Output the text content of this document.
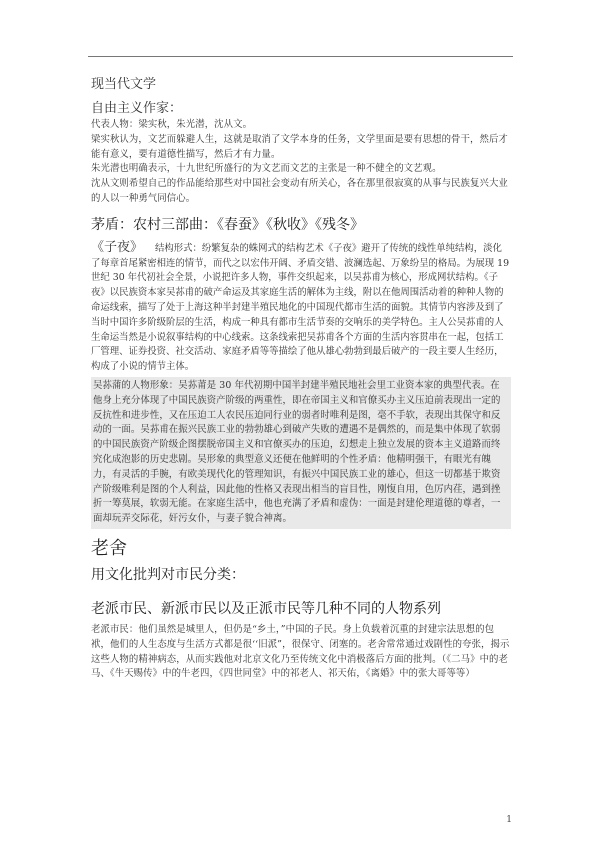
现当代文学
自由主义作家：

代表人物：梁实秋，朱光潜，沈从文。

梁实秋认为，文艺而躲避人生，这就是取消了文学本身的任务，文学里面是要有思想的骨干，然后才能有意义，要有道德性描写，然后才有力量。

朱光潜也明确表示，十九世纪所盛行的为文艺而文艺的主张是一种不健全的文艺观。

沈从文则希望自己的作品能给那些对中国社会变动有所关心，各在那里很寂寞的从事与民族复兴大业的人以一种勇气同信心。

茅盾：农村三部曲：《春蚕》《秋收》《残冬》

《子夜》 结构形式：纷繁复杂的蛛网式的结构艺术《子夜》避开了传统的线性单纯结构，淡化了每章首尾紧密相连的情节，而代之以宏伟开阔、矛盾交错、波澜选起、万象纷呈的格局。为展现 19 世纪 30 年代初社会全景，小说把许多人物，事件交织起来，以吴荪甫为核心，形成网状结构。《子夜》以民族资本家吴荪甫的破产命运及其家庭生活的解体为主线，附以在他周围活动着的种种人物的命运线索，描写了处于上海这种半封建半殖民地化的中国现代都市生活的面貌。其情节内容涉及到了当时中国许多阶级阶层的生活，构成一种具有都市生活节奏的交响乐的美学特色。主人公吴荪甫的人生命运当然是小说叙事结构的中心线索。这条线索把吴荪甫各个方面的生活内容贯串在一起，包括工厂管理、证券投资、社交活动、家庭矛盾等等描绘了他从雄心勃勃到最后破产的一段主要人生经历，构成了小说的情节主体。

吴荪蒲的人物形象：吴荪莆是 30 年代初期中国半封建半殖民地社会里工业资本家的典型代表。在他身上充分体现了中国民族资产阶级的两重性，即在帝国主义和官僚买办主义压迫前表现出一定的反抗性和进步性，又在压迫工人农民压迫同行业的弱者时唯利是图，毫不手软，表现出其保守和反动的一面。吴荪甫在振兴民族工业的勃勃雄心到破产失败的遭遇不是偶然的，而是集中体现了软弱的中国民族资产阶级企图摆脱帝国主义和官僚买办的压迫，幻想走上独立发展的资本主义道路而终究化成泡影的历史悲剧。吴形象的典型意义还便在他鲜明的个性矛盾：他精明强干，有眼光有魄力，有灵活的手腕，有欧美现代化的管理知识，有振兴中国民族工业的雄心，但这一切都基于欺资产阶级唯利是图的个人利益，因此他的性格又表现出相当的盲目性，刚愎自用，色厉内荏，遇到挫折一筹莫展，软弱无能。在家庭生活中，他也充满了矛盾和虚伪：一面是封建伦理道德的尊者，一面却玩弄交际花，奸污女仆，与妻子貌合神离。

老舍
用文化批判对市民分类：
老派市民、新派市民以及正派市民等几种不同的人物系列

老派市民：他们虽然是城里人，但仍是“乡土，”中国的子民。身上负载着沉重的封建宗法思想的包袱，他们的人生态度与生活方式都是很‘‘旧派”，很保守、闭塞的。老舍常常通过戏剧性的夸张，揭示这些人物的精神病态，从而实践他对北京文化乃至传统文化中消极落后方面的批判。（《二马》中的老马、《牛天赐传》中的牛老四，《四世同堂》中的祁老人、祁天佑，《离婚》中的张大哥等等）

1
